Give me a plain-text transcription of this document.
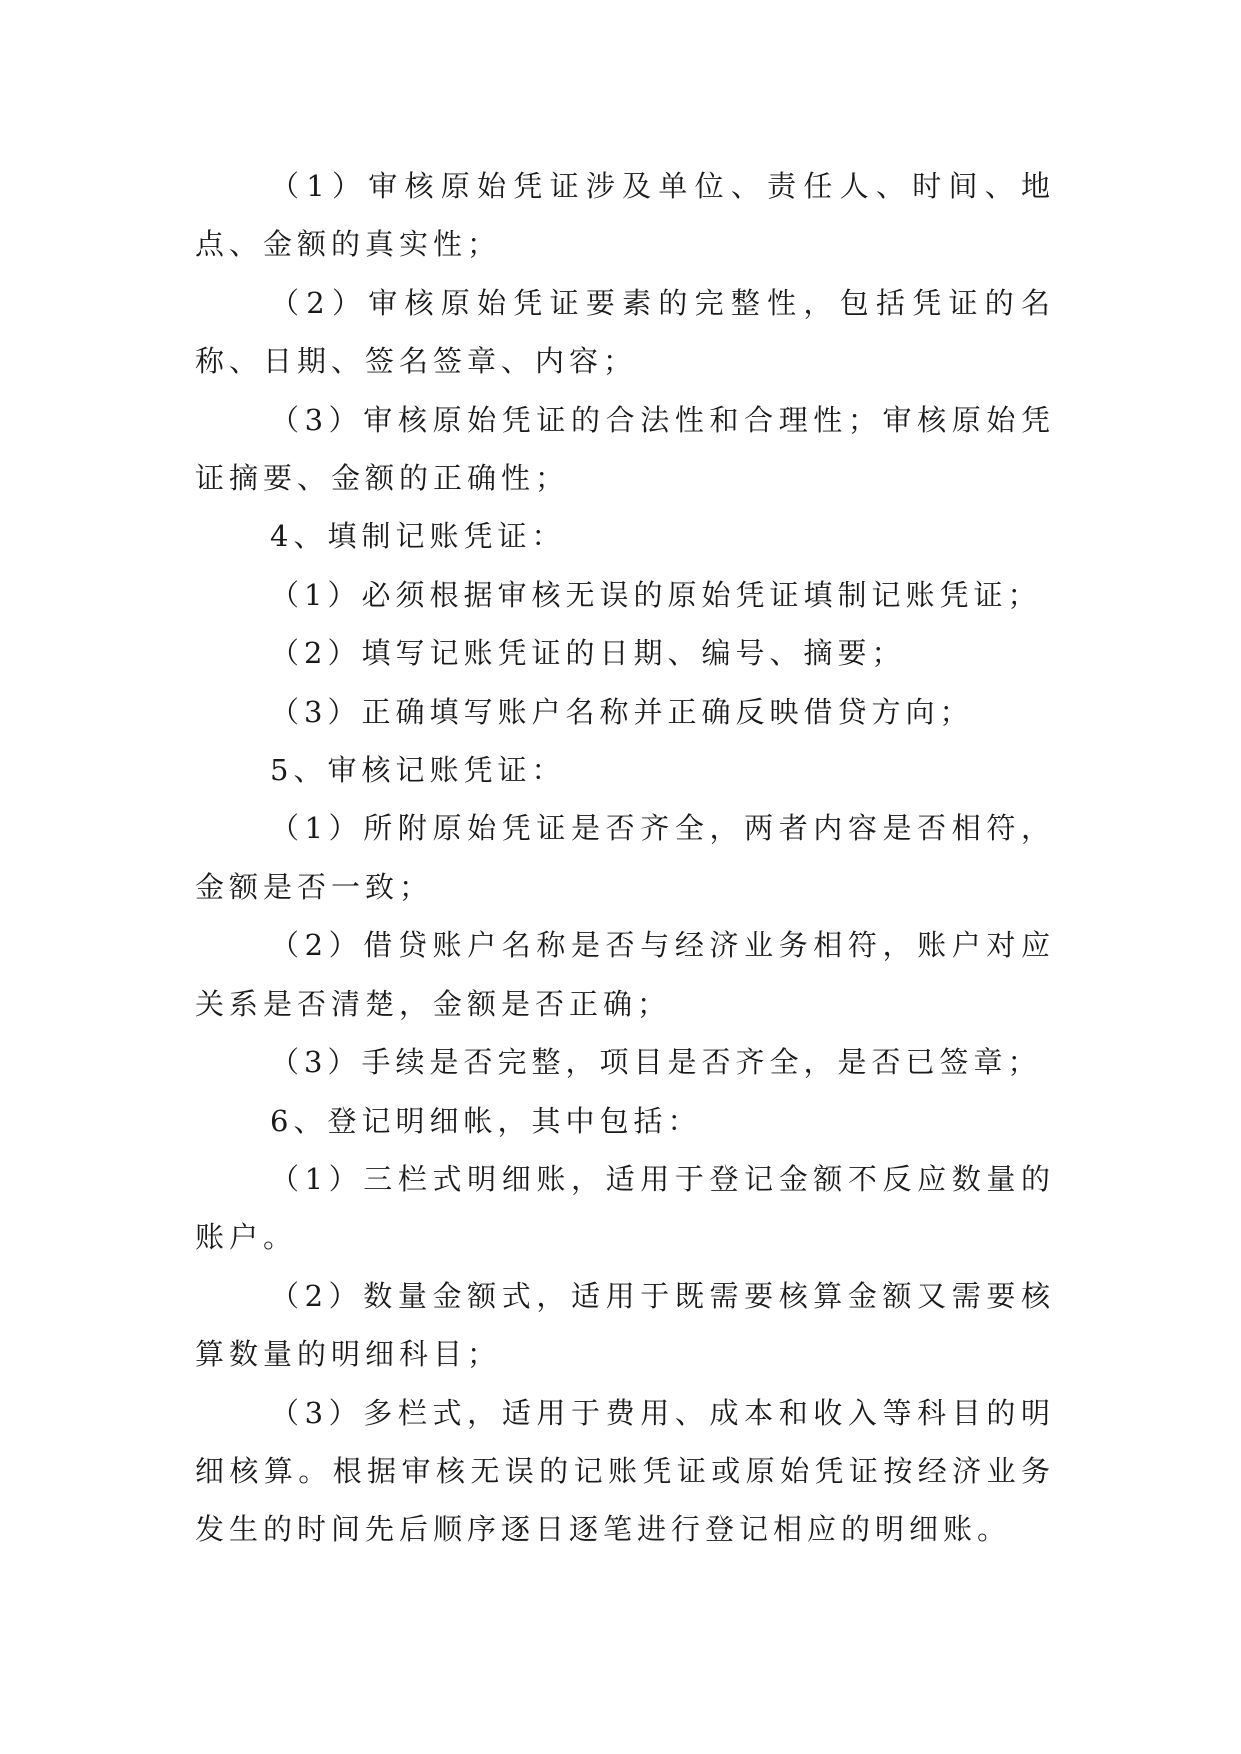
（1）审核原始凭证涉及单位、责任人、时间、地点、金额的真实性；

（2）审核原始凭证要素的完整性，包括凭证的名称、日期、签名签章、内容；

（3）审核原始凭证的合法性和合理性；审核原始凭证摘要、金额的正确性；

4、填制记账凭证：

（1）必须根据审核无误的原始凭证填制记账凭证；

（2）填写记账凭证的日期、编号、摘要；

（3）正确填写账户名称并正确反映借贷方向；

5、审核记账凭证：

（1）所附原始凭证是否齐全，两者内容是否相符，金额是否一致；

（2）借贷账户名称是否与经济业务相符，账户对应关系是否清楚，金额是否正确；

（3）手续是否完整，项目是否齐全，是否已签章；

6、登记明细帐，其中包括：

（1）三栏式明细账，适用于登记金额不反应数量的账户。

（2）数量金额式，适用于既需要核算金额又需要核算数量的明细科目；

（3）多栏式，适用于费用、成本和收入等科目的明细核算。根据审核无误的记账凭证或原始凭证按经济业务发生的时间先后顺序逐日逐笔进行登记相应的明细账。
